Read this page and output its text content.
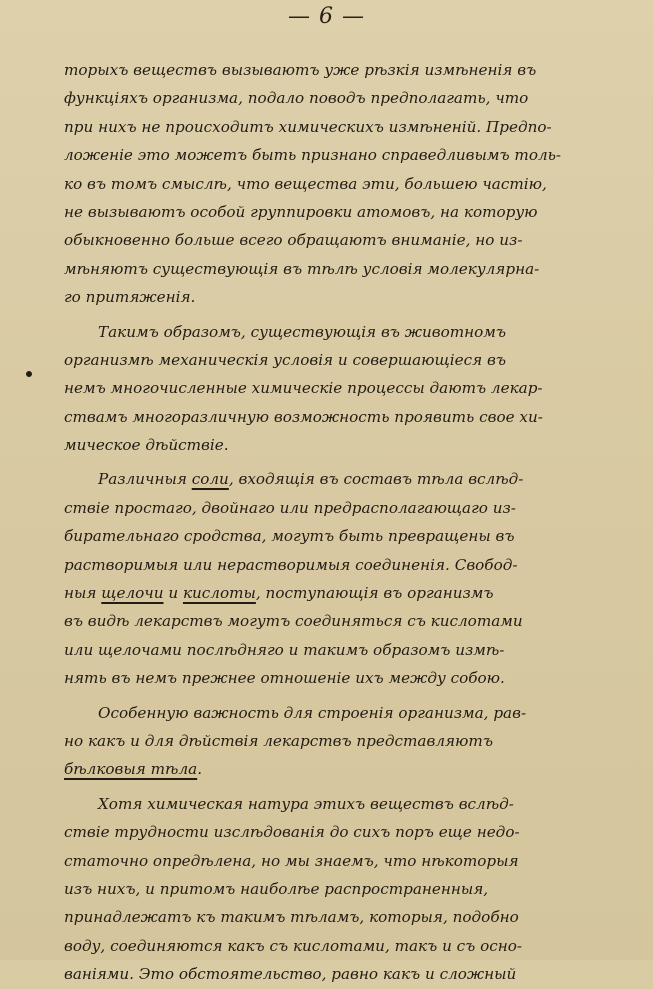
— 6 —
торыхъ веществъ вызываютъ уже рѣзкія измѣненія въ
функціяхъ организма, подало поводъ предполагать, что
при нихъ не происходитъ химическихъ измѣненій. Предпо-
ложеніе это можетъ быть признано справедливымъ толь-
ко въ томъ смыслѣ, что вещества эти, большею частію,
не вызываютъ особой группировки атомовъ, на которую
обыкновенно больше всего обращаютъ вниманіе, но из-
мѣняютъ существующія въ тѣлѣ условія молекулярна-
го притяженія.
Такимъ образомъ, существующія въ животномъ
организмѣ механическія условія и совершающіеся въ
немъ многочисленные химическіе процессы даютъ лекар-
ствамъ многоразличную возможность проявить свое хи-
мическое дѣйствіе.
Различныя соли, входящія въ составъ тѣла вслѣд-
ствіе простаго, двойнаго или предрасполагающаго из-
бирательнаго сродства, могутъ быть превращены въ
растворимыя или нерастворимыя соединенія. Свобод-
ныя щелочи и кислоты, поступающія въ организмъ
въ видѣ лекарствъ могутъ соединяться съ кислотами
или щелочами послѣдняго и такимъ образомъ измѣ-
нять въ немъ прежнее отношеніе ихъ между собою.
Особенную важность для строенія организма, рав-
но какъ и для дѣйствія лекарствъ представляютъ
бѣлковыя тѣла.
Хотя химическая натура этихъ веществъ вслѣд-
ствіе трудности изслѣдованія до сихъ поръ еще недо-
статочно опредѣлена, но мы знаемъ, что нѣкоторыя
изъ нихъ, и притомъ наиболѣе распространенныя,
принадлежатъ къ такимъ тѣламъ, которыя, подобно
воду, соединяются какъ съ кислотами, такъ и съ осно-
ваніями. Это обстоятельство, равно какъ и сложный
